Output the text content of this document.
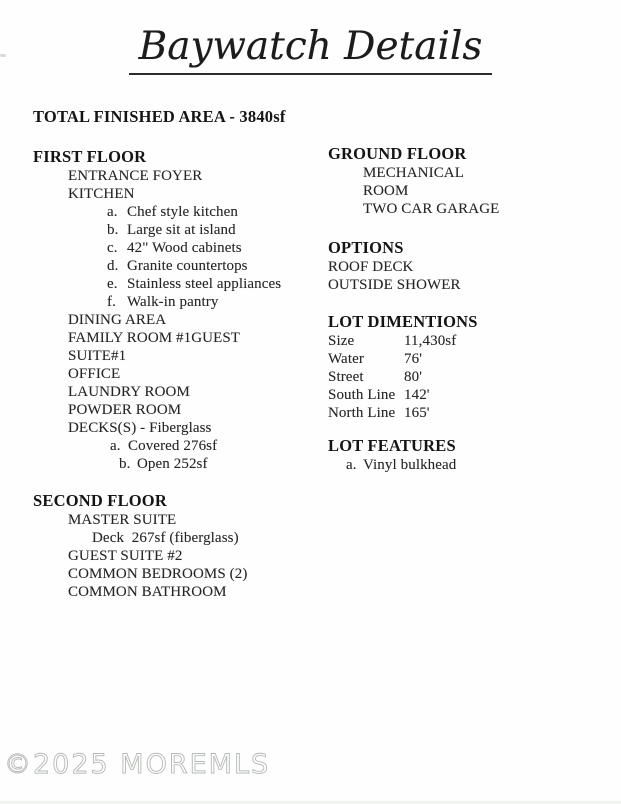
Baywatch Details
TOTAL FINISHED AREA - 3840sf
FIRST FLOOR
ENTRANCE FOYER
KITCHEN
a. Chef style kitchen
b. Large sit at island
c. 42" Wood cabinets
d. Granite countertops
e. Stainless steel appliances
f. Walk-in pantry
DINING AREA
FAMILY ROOM #1GUEST
SUITE#1
OFFICE
LAUNDRY ROOM
POWDER ROOM
DECKS(S) - Fiberglass
a. Covered 276sf
b. Open 252sf
SECOND FLOOR
MASTER SUITE
Deck  267sf (fiberglass)
GUEST SUITE #2
COMMON BEDROOMS (2)
COMMON BATHROOM
GROUND FLOOR
MECHANICAL
ROOM
TWO CAR GARAGE
OPTIONS
ROOF DECK
OUTSIDE SHOWER
LOT DIMENTIONS
Size	11,430sf
Water	76'
Street	80'
South Line 142'
North Line 165'
LOT FEATURES
a. Vinyl bulkhead
©2025 MOREMLS
